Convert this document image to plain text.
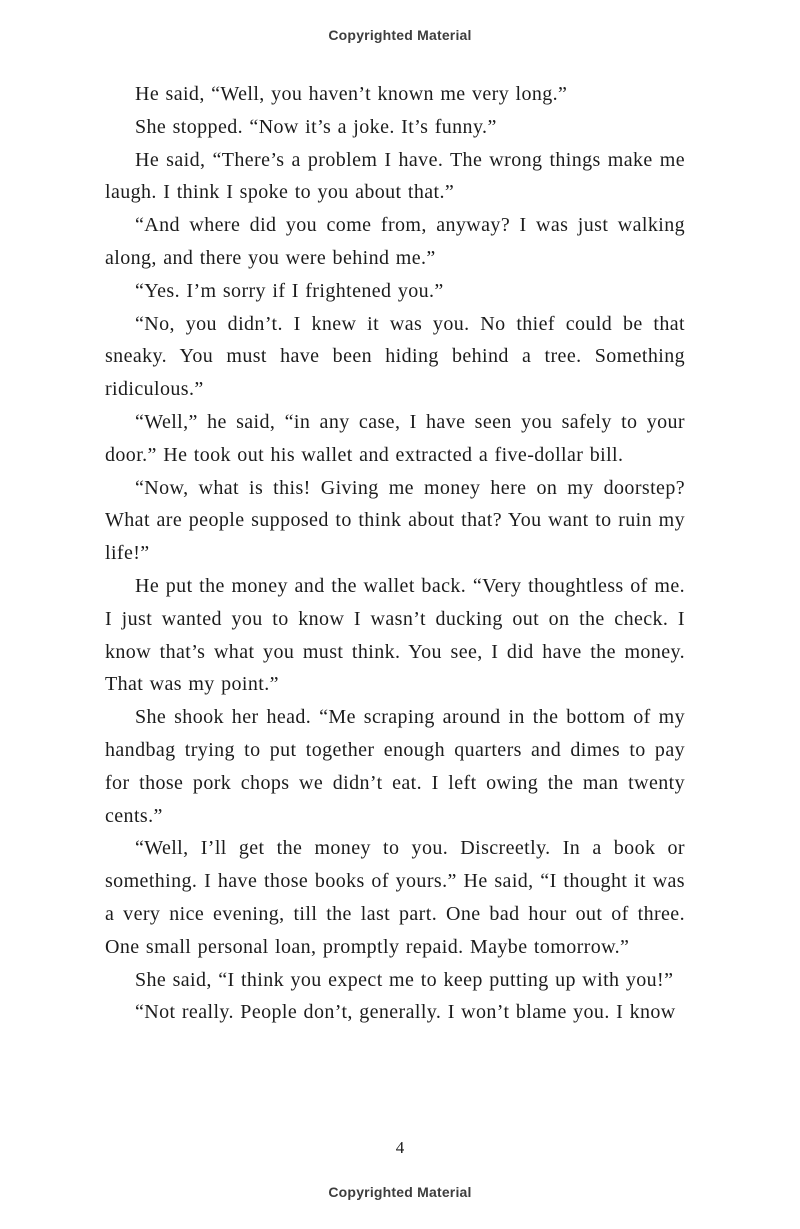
Copyrighted Material

He said, “Well, you haven’t known me very long.”

She stopped. “Now it’s a joke. It’s funny.”

He said, “There’s a problem I have. The wrong things make me laugh. I think I spoke to you about that.”

“And where did you come from, anyway? I was just walking along, and there you were behind me.”

“Yes. I’m sorry if I frightened you.”

“No, you didn’t. I knew it was you. No thief could be that sneaky. You must have been hiding behind a tree. Something ridiculous.”

“Well,” he said, “in any case, I have seen you safely to your door.” He took out his wallet and extracted a five-dollar bill.

“Now, what is this! Giving me money here on my doorstep? What are people supposed to think about that? You want to ruin my life!”

He put the money and the wallet back. “Very thoughtless of me. I just wanted you to know I wasn’t ducking out on the check. I know that’s what you must think. You see, I did have the money. That was my point.”

She shook her head. “Me scraping around in the bottom of my handbag trying to put together enough quarters and dimes to pay for those pork chops we didn’t eat. I left owing the man twenty cents.”

“Well, I’ll get the money to you. Discreetly. In a book or something. I have those books of yours.” He said, “I thought it was a very nice evening, till the last part. One bad hour out of three. One small personal loan, promptly repaid. Maybe tomorrow.”

She said, “I think you expect me to keep putting up with you!”

“Not really. People don’t, generally. I won’t blame you. I know

4
Copyrighted Material
